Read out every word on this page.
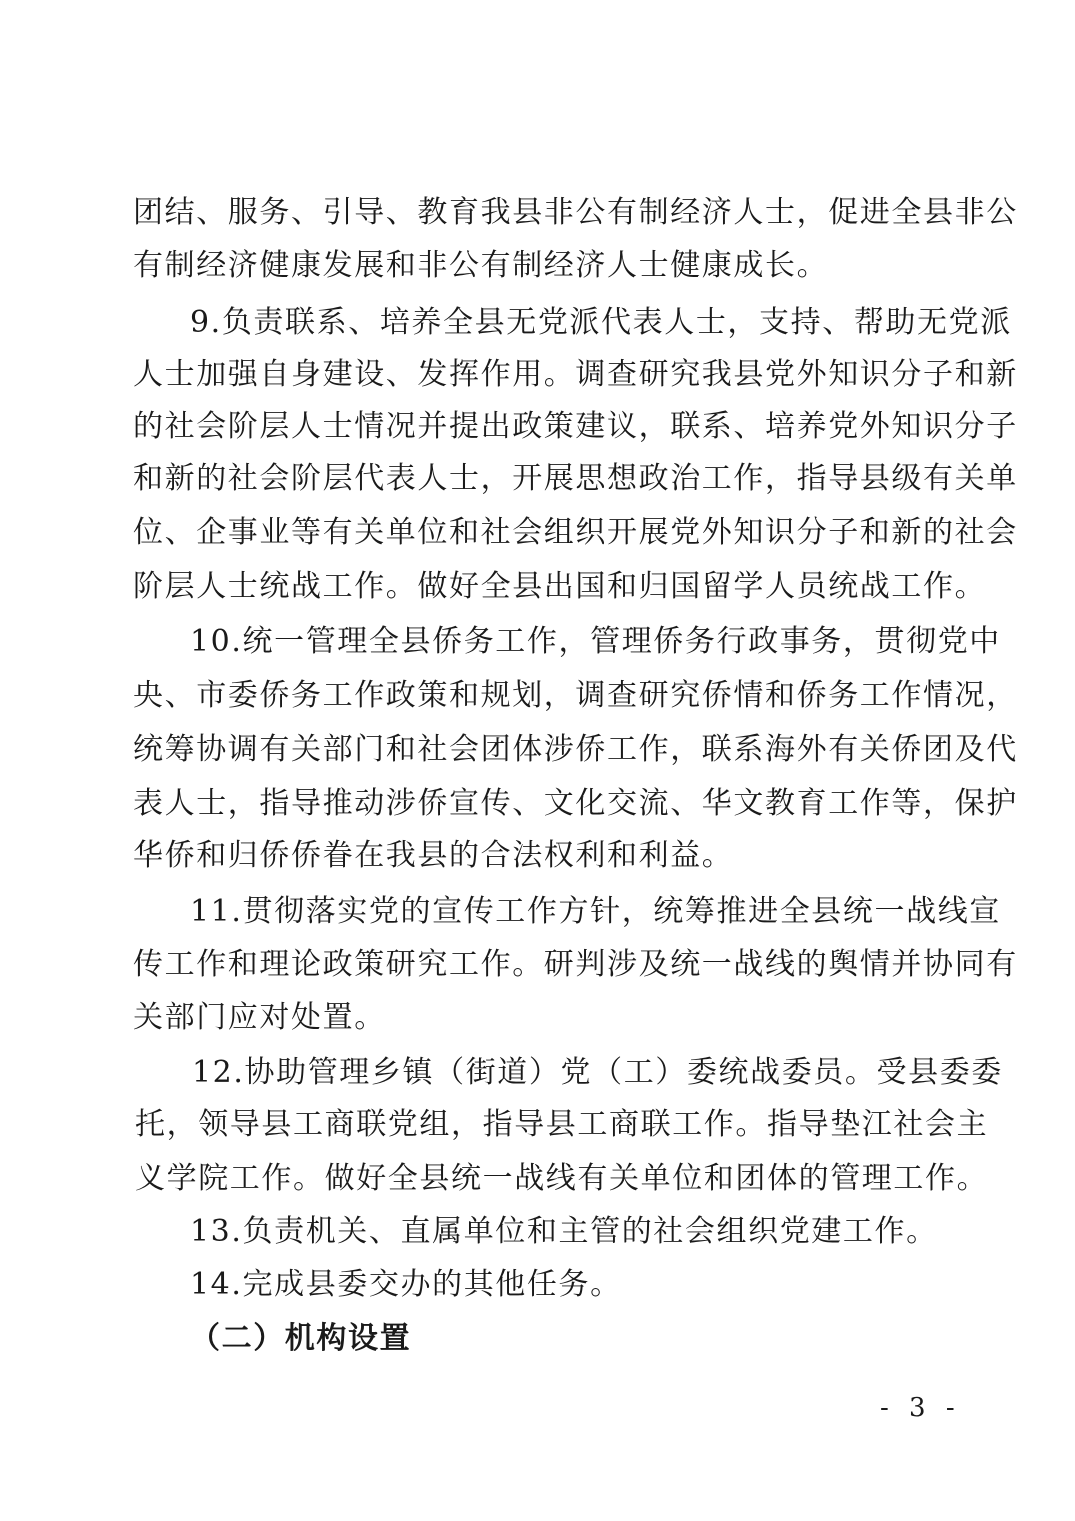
团结、服务、引导、教育我县非公有制经济人士，促进全县非公
有制经济健康发展和非公有制经济人士健康成长。
9.负责联系、培养全县无党派代表人士，支持、帮助无党派
人士加强自身建设、发挥作用。调查研究我县党外知识分子和新
的社会阶层人士情况并提出政策建议，联系、培养党外知识分子
和新的社会阶层代表人士，开展思想政治工作，指导县级有关单
位、企事业等有关单位和社会组织开展党外知识分子和新的社会
阶层人士统战工作。做好全县出国和归国留学人员统战工作。
10.统一管理全县侨务工作，管理侨务行政事务，贯彻党中
央、市委侨务工作政策和规划，调查研究侨情和侨务工作情况，
统筹协调有关部门和社会团体涉侨工作，联系海外有关侨团及代
表人士，指导推动涉侨宣传、文化交流、华文教育工作等，保护
华侨和归侨侨眷在我县的合法权利和利益。
11.贯彻落实党的宣传工作方针，统筹推进全县统一战线宣
传工作和理论政策研究工作。研判涉及统一战线的舆情并协同有
关部门应对处置。
12.协助管理乡镇（街道）党（工）委统战委员。受县委委
托，领导县工商联党组，指导县工商联工作。指导垫江社会主
义学院工作。做好全县统一战线有关单位和团体的管理工作。
13.负责机关、直属单位和主管的社会组织党建工作。
14.完成县委交办的其他任务。
（二）机构设置
- 3 -
